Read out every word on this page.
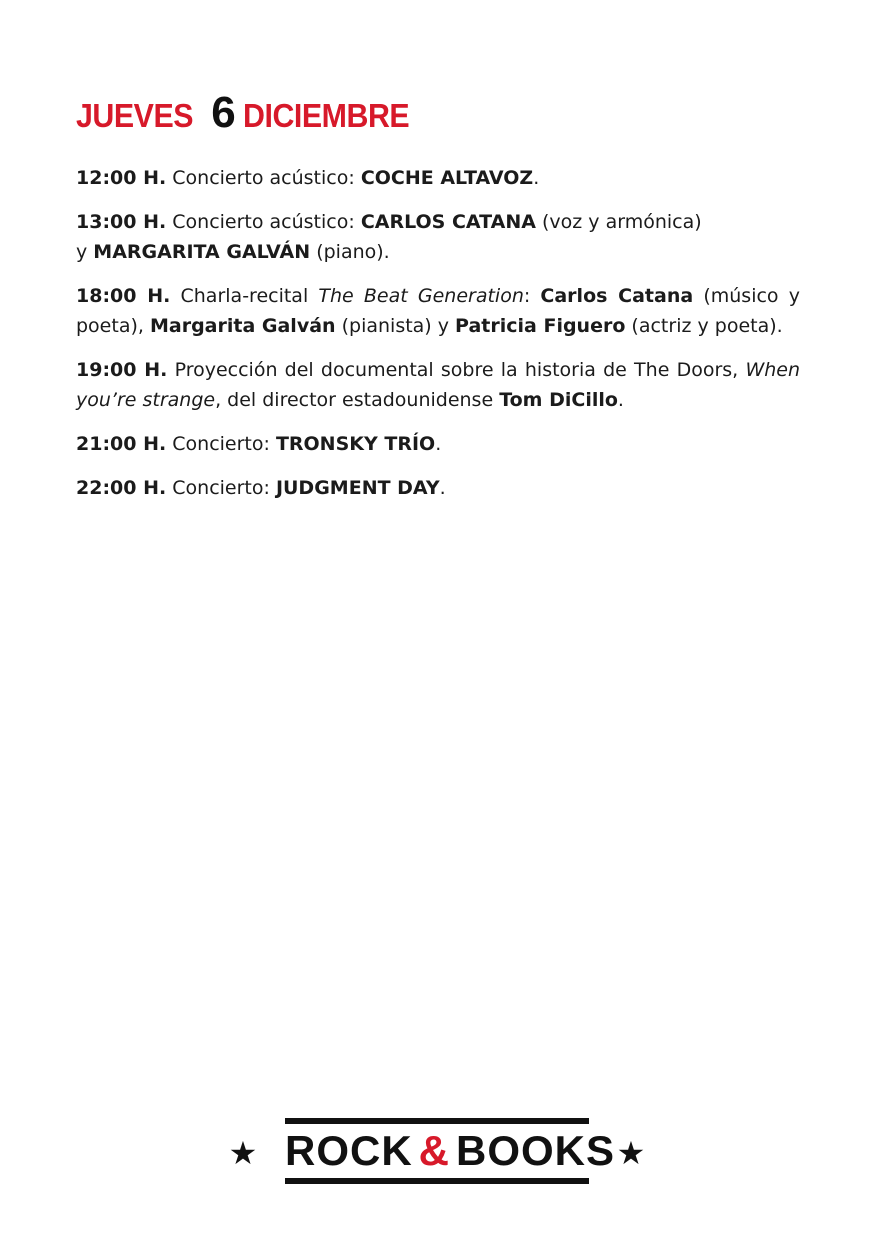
JUEVES 6 DICIEMBRE

12:00 H. Concierto acústico: COCHE ALTAVOZ.

13:00 H. Concierto acústico: CARLOS CATANA (voz y armónica)
y MARGARITA GALVÁN (piano).

18:00 H. Charla-recital The Beat Generation: Carlos Catana (músico y poeta), Margarita Galván (pianista) y Patricia Figuero (actriz y poeta).

19:00 H. Proyección del documental sobre la historia de The Doors, When you’re strange, del director estadounidense Tom DiCillo.

21:00 H. Concierto: TRONSKY TRÍO.

22:00 H. Concierto: JUDGMENT DAY.

★ ROCK & BOOKS ★
